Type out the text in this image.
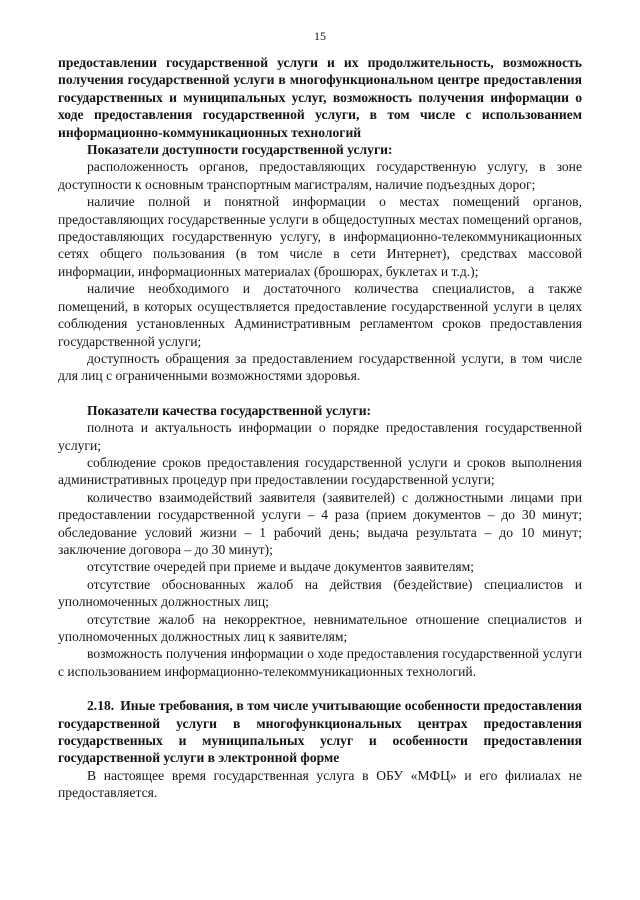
15
предоставлении государственной услуги и их продолжительность, возможность получения государственной услуги в многофункциональном центре предоставления государственных и муниципальных услуг, возможность получения информации о ходе предоставления государственной услуги, в том числе с использованием информационно-коммуникационных технологий

Показатели доступности государственной услуги:

расположенность органов, предоставляющих государственную услугу, в зоне доступности к основным транспортным магистралям, наличие подъездных дорог;

наличие полной и понятной информации о местах помещений органов, предоставляющих государственные услуги в общедоступных местах помещений органов, предоставляющих государственную услугу, в информационно-телекоммуникационных сетях общего пользования (в том числе в сети Интернет), средствах массовой информации, информационных материалах (брошюрах, буклетах и т.д.);

наличие необходимого и достаточного количества специалистов, а также помещений, в которых осуществляется предоставление государственной услуги в целях соблюдения установленных Административным регламентом сроков предоставления государственной услуги;

доступность обращения за предоставлением государственной услуги, в том числе для лиц с ограниченными возможностями здоровья.

Показатели качества государственной услуги:

полнота и актуальность информации о порядке предоставления государственной услуги;

соблюдение сроков предоставления государственной услуги и сроков выполнения административных процедур при предоставлении государственной услуги;

количество взаимодействий заявителя (заявителей) с должностными лицами при предоставлении государственной услуги – 4 раза (прием документов – до 30 минут; обследование условий жизни – 1 рабочий день; выдача результата – до 10 минут; заключение договора – до 30 минут);

отсутствие очередей при приеме и выдаче документов заявителям;

отсутствие обоснованных жалоб на действия (бездействие) специалистов и уполномоченных должностных лиц;

отсутствие жалоб на некорректное, невнимательное отношение специалистов и уполномоченных должностных лиц к заявителям;

возможность получения информации о ходе предоставления государственной услуги с использованием информационно-телекоммуникационных технологий.

2.18. Иные требования, в том числе учитывающие особенности предоставления государственной услуги в многофункциональных центрах предоставления государственных и муниципальных услуг и особенности предоставления государственной услуги в электронной форме

В настоящее время государственная услуга в ОБУ «МФЦ» и его филиалах не предоставляется.
